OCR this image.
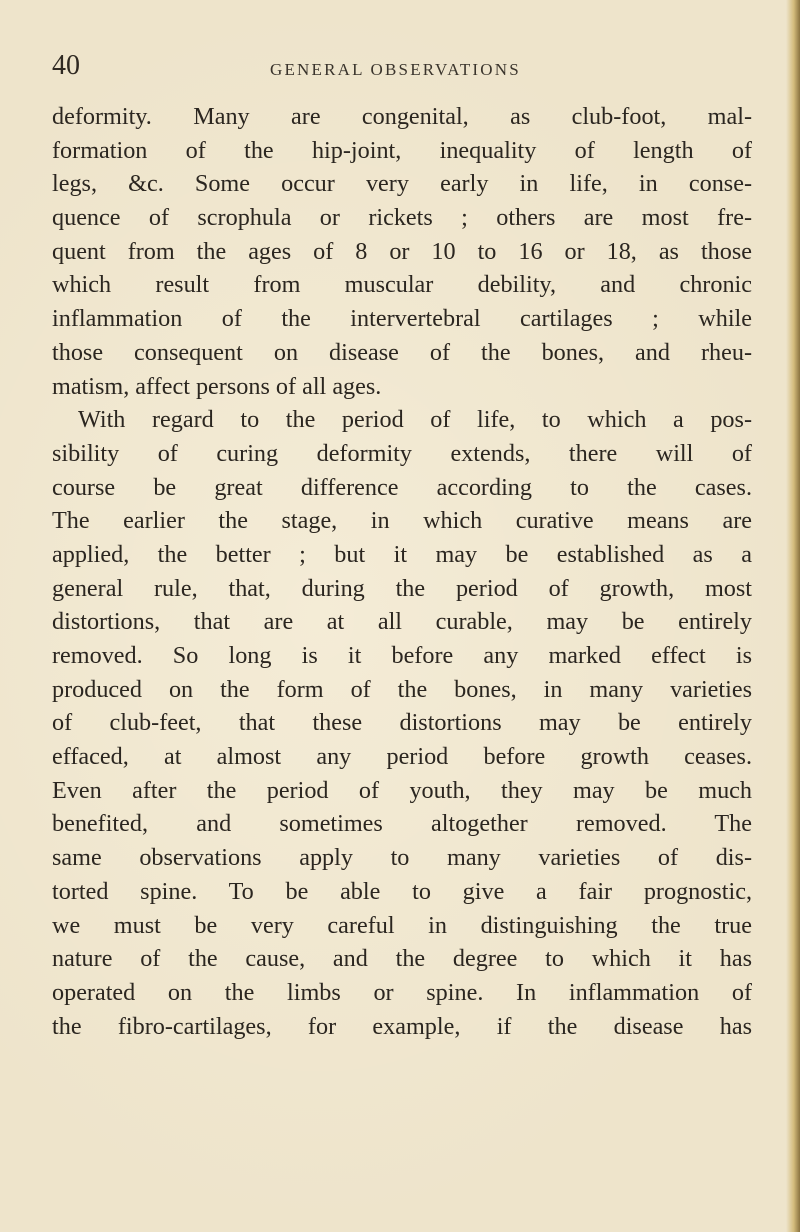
40	GENERAL OBSERVATIONS
deformity. Many are congenital, as club-foot, mal-
formation of the hip-joint, inequality of length of
legs, &c. Some occur very early in life, in conse-
quence of scrophula or rickets ; others are most fre-
quent from the ages of 8 or 10 to 16 or 18, as those
which result from muscular debility, and chronic
inflammation of the intervertebral cartilages ; while
those consequent on disease of the bones, and rheu-
matism, affect persons of all ages.
With regard to the period of life, to which a pos-
sibility of curing deformity extends, there will of
course be great difference according to the cases.
The earlier the stage, in which curative means are
applied, the better ; but it may be established as a
general rule, that, during the period of growth, most
distortions, that are at all curable, may be entirely
removed. So long is it before any marked effect is
produced on the form of the bones, in many varieties
of club-feet, that these distortions may be entirely
effaced, at almost any period before growth ceases.
Even after the period of youth, they may be much
benefited, and sometimes altogether removed. The
same observations apply to many varieties of dis-
torted spine. To be able to give a fair prognostic,
we must be very careful in distinguishing the true
nature of the cause, and the degree to which it has
operated on the limbs or spine. In inflammation of
the fibro-cartilages, for example, if the disease has
